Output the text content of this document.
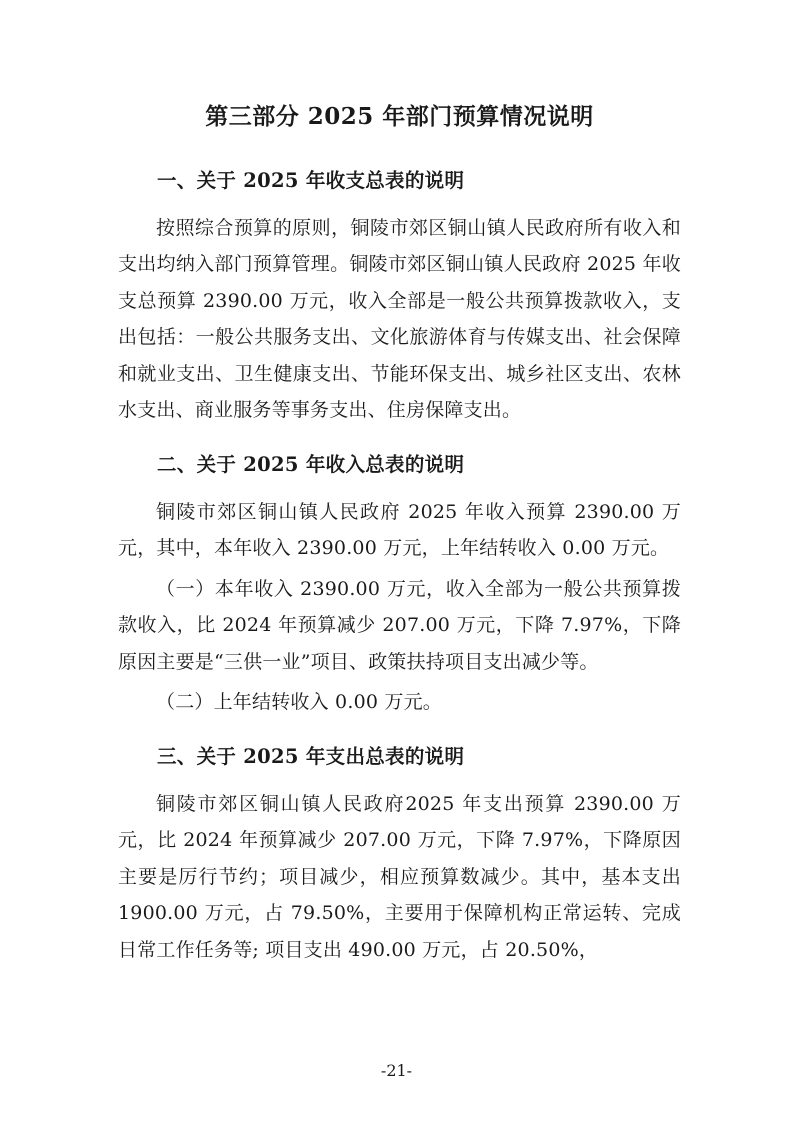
第三部分 2025 年部门预算情况说明
一、关于 2025 年收支总表的说明

按照综合预算的原则，铜陵市郊区铜山镇人民政府所有收入和支出均纳入部门预算管理。铜陵市郊区铜山镇人民政府 2025 年收支总预算 2390.00 万元，收入全部是一般公共预算拨款收入，支出包括：一般公共服务支出、文化旅游体育与传媒支出、社会保障和就业支出、卫生健康支出、节能环保支出、城乡社区支出、农林水支出、商业服务等事务支出、住房保障支出。

二、关于 2025 年收入总表的说明

铜陵市郊区铜山镇人民政府 2025 年收入预算 2390.00 万元，其中，本年收入 2390.00 万元，上年结转收入 0.00 万元。

（一）本年收入 2390.00 万元，收入全部为一般公共预算拨款收入，比 2024 年预算减少 207.00 万元，下降 7.97%，下降原因主要是“三供一业”项目、政策扶持项目支出减少等。

（二）上年结转收入 0.00 万元。

三、关于 2025 年支出总表的说明

铜陵市郊区铜山镇人民政府2025 年支出预算 2390.00 万元，比 2024 年预算减少 207.00 万元，下降 7.97%，下降原因主要是厉行节约；项目减少，相应预算数减少。其中，基本支出 1900.00 万元，占 79.50%，主要用于保障机构正常运转、完成日常工作任务等; 项目支出 490.00 万元，占 20.50%，

-21-
